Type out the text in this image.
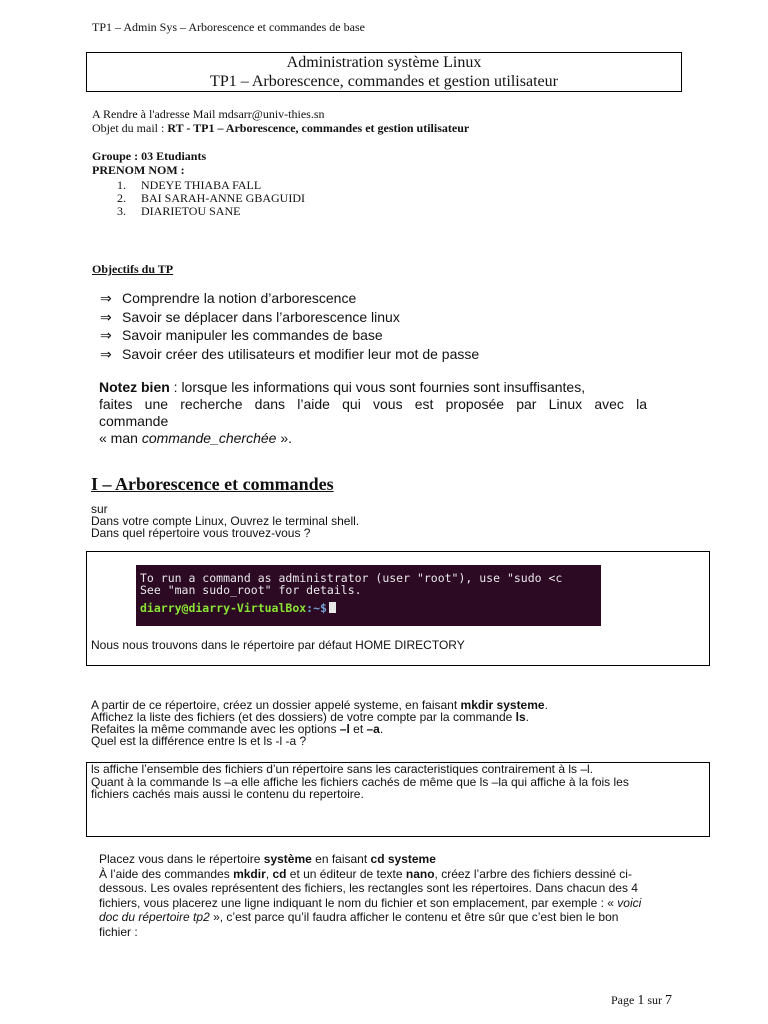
TP1 – Admin Sys – Arborescence et commandes de base
Administration système Linux
TP1 – Arborescence, commandes et gestion utilisateur
A Rendre à l'adresse Mail mdsarr@univ-thies.sn
Objet du mail : RT - TP1 – Arborescence, commandes et gestion utilisateur
Groupe : 03 Etudiants
PRENOM NOM :
1.	NDEYE THIABA FALL
2.	BAI SARAH-ANNE GBAGUIDI
3.	DIARIETOU SANE
Objectifs du TP
⇒ Comprendre la notion d’arborescence
⇒ Savoir se déplacer dans l’arborescence linux
⇒ Savoir manipuler les commandes de base
⇒ Savoir créer des utilisateurs et modifier leur mot de passe
Notez bien : lorsque les informations qui vous sont fournies sont insuffisantes,
faites une recherche dans l’aide qui vous est proposée par Linux avec la
commande
« man commande_cherchée ».
I – Arborescence et commandes
sur
Dans votre compte Linux, Ouvrez le terminal shell.
Dans quel répertoire vous trouvez-vous ?
To run a command as administrator (user "root"), use "sudo <c
See "man sudo_root" for details.
diarry@diarry-VirtualBox:~$
Nous nous trouvons dans le répertoire par défaut HOME DIRECTORY
A partir de ce répertoire, créez un dossier appelé systeme, en faisant mkdir systeme.
Affichez la liste des fichiers (et des dossiers) de votre compte par la commande ls.
Refaites la même commande avec les options –l et –a.
Quel est la différence entre ls et ls -l -a ?
ls affiche l’ensemble des fichiers d’un répertoire sans les caracteristiques contrairement à ls –l.
Quant à la commande ls –a elle affiche les fichiers cachés de même que ls –la qui affiche à la fois les
fichiers cachés mais aussi le contenu du repertoire.
Placez vous dans le répertoire système en faisant cd systeme
À l’aide des commandes mkdir, cd et un éditeur de texte nano, créez l’arbre des fichiers dessiné ci-
dessous. Les ovales représentent des fichiers, les rectangles sont les répertoires. Dans chacun des 4
fichiers, vous placerez une ligne indiquant le nom du fichier et son emplacement, par exemple : « voici
doc du répertoire tp2 », c’est parce qu’il faudra afficher le contenu et être sûr que c’est bien le bon
fichier :
Page 1 sur 7
